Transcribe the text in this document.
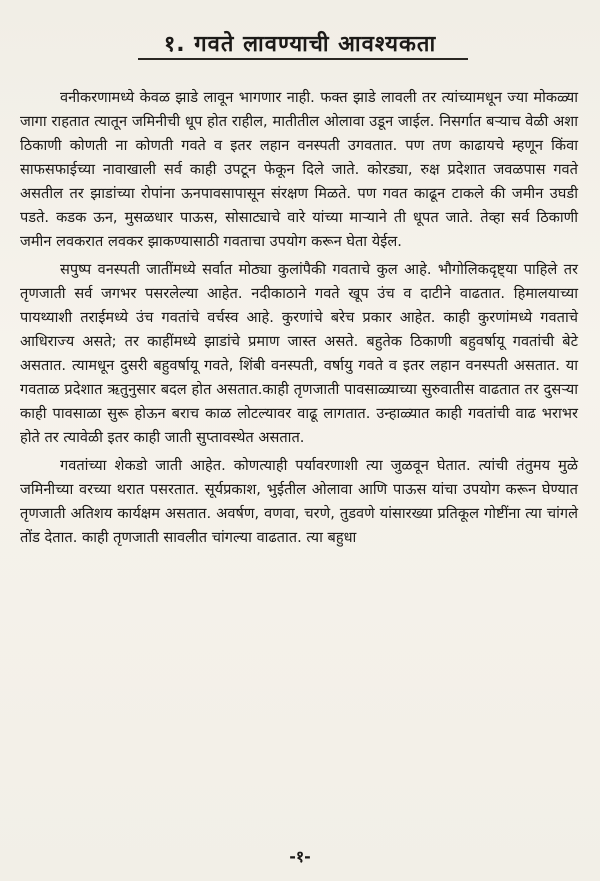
१. गवते लावण्याची आवश्यकता

वनीकरणामध्ये केवळ झाडे लावून भागणार नाही. फक्त झाडे लावली तर त्यांच्यामधून ज्या मोकळ्या जागा राहतात त्यातून जमिनीची धूप होत राहील, मातीतील ओलावा उडून जाईल. निसर्गात बऱ्याच वेळी अशा ठिकाणी कोणती ना कोणती गवते व इतर लहान वनस्पती उगवतात. पण तण काढायचे म्हणून किंवा साफसफाईच्या नावाखाली सर्व काही उपटून फेकून दिले जाते. कोरड्या, रुक्ष प्रदेशात जवळपास गवते असतील तर झाडांच्या रोपांना ऊनपावसापासून संरक्षण मिळते. पण गवत काढून टाकले की जमीन उघडी पडते. कडक ऊन, मुसळधार पाऊस, सोसाट्याचे वारे यांच्या माऱ्याने ती धूपत जाते. तेव्हा सर्व ठिकाणी जमीन लवकरात लवकर झाकण्यासाठी गवताचा उपयोग करून घेता येईल.

सपुष्प वनस्पती जातींमध्ये सर्वात मोठ्या कुलांपैकी गवताचे कुल आहे. भौगोलिकदृष्ट्या पाहिले तर तृणजाती सर्व जगभर पसरलेल्या आहेत. नदीकाठाने गवते खूप उंच व दाटीने वाढतात. हिमालयाच्या पायथ्याशी तराईमध्ये उंच गवतांचे वर्चस्व आहे. कुरणांचे बरेच प्रकार आहेत. काही कुरणांमध्ये गवताचे आधिराज्य असते; तर काहींमध्ये झाडांचे प्रमाण जास्त असते. बहुतेक ठिकाणी बहुवर्षायू गवतांची बेटे असतात. त्यामधून दुसरी बहुवर्षायू गवते, शिंबी वनस्पती, वर्षायु गवते व इतर लहान वनस्पती असतात. या गवताळ प्रदेशात ऋतुनुसार बदल होत असतात.काही तृणजाती पावसाळ्याच्या सुरुवातीस वाढतात तर दुसऱ्या काही पावसाळा सुरू होऊन बराच काळ लोटल्यावर वाढू लागतात. उन्हाळ्यात काही गवतांची वाढ भराभर होते तर त्यावेळी इतर काही जाती सुप्तावस्थेत असतात.

गवतांच्या शेकडो जाती आहेत. कोणत्याही पर्यावरणाशी त्या जुळवून घेतात. त्यांची तंतुमय मुळे जमिनीच्या वरच्या थरात पसरतात. सूर्यप्रकाश, भुईतील ओलावा आणि पाऊस यांचा उपयोग करून घेण्यात तृणजाती अतिशय कार्यक्षम असतात. अवर्षण, वणवा, चरणे, तुडवणे यांसारख्या प्रतिकूल गोष्टींना त्या चांगले तोंड देतात. काही तृणजाती सावलीत चांगल्या वाढतात. त्या बहुधा

-१-
